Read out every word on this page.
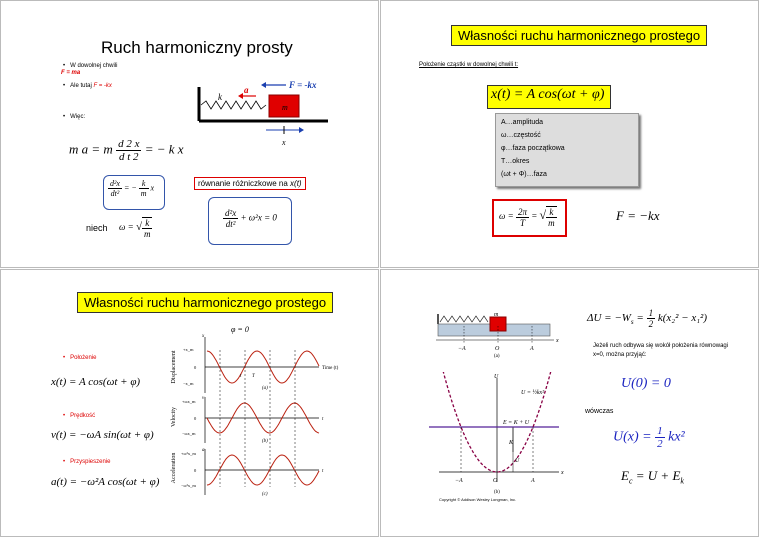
Ruch harmoniczny prosty
• W dowolnej chwili
F = ma
• Ale tutaj F = -kx
• Więc:
m
k
a	F = -kx
x
m a = m $\frac{d 2 x}{\text{d t 2}}$ = − k x
$\frac{\text{d²x}}{\text{dt²}}$ = − $\frac{k}{m}$ x	równanie różniczkowe na x(t)
$\frac{\text{d²x}}{\text{dt²}} + \omega^2x = 0$
niech ω = √ $\frac{k}{m}$
Własności ruchu harmonicznego prostego
Położenie cząstki w dowolnej chwili t:
x(t) = A cos(ωt + φ)
A…amplituda
ω…częstość
φ…faza początkowa
T…okres
(ωt + Φ)…faza
$\omega = \frac{2\pi}{T}$ = √ $\frac{k}{m}$	F = −kx
Własności ruchu harmonicznego prostego
• Położenie
x(t) = A cos(ωt + φ)
• Prędkość
v(t) = −ωA sin(ωt + φ)
• Przyspieszenie
a(t) = −ω²A cos(ωt + φ)
φ = 0
Displacement
Velocity
Acceleration
x
+x_m
0
−x_m
Time (t)
(a)
t T
v
+ωx_m
0
−ωx_m
t
(b)
a
+ω²x_m
0
−ω²x_m
t
(c)
m
x
−A	O	A
(a)
U
x
K
U
U = ½kx²
E = K + U
−A	O	A
(b)
Copyright © Addison Wesley Longman, Inc.
$\Delta U = -W_s = \frac{1}{2} k(x_2^2 - x_1^2)$
Jeżeli ruch odbywa się wokół położenia równowagi x=0, można przyjąć:
U(0) = 0
wówczas
$U(x) = \frac{1}{2} kx^2$
$E_c = U + E_k$
